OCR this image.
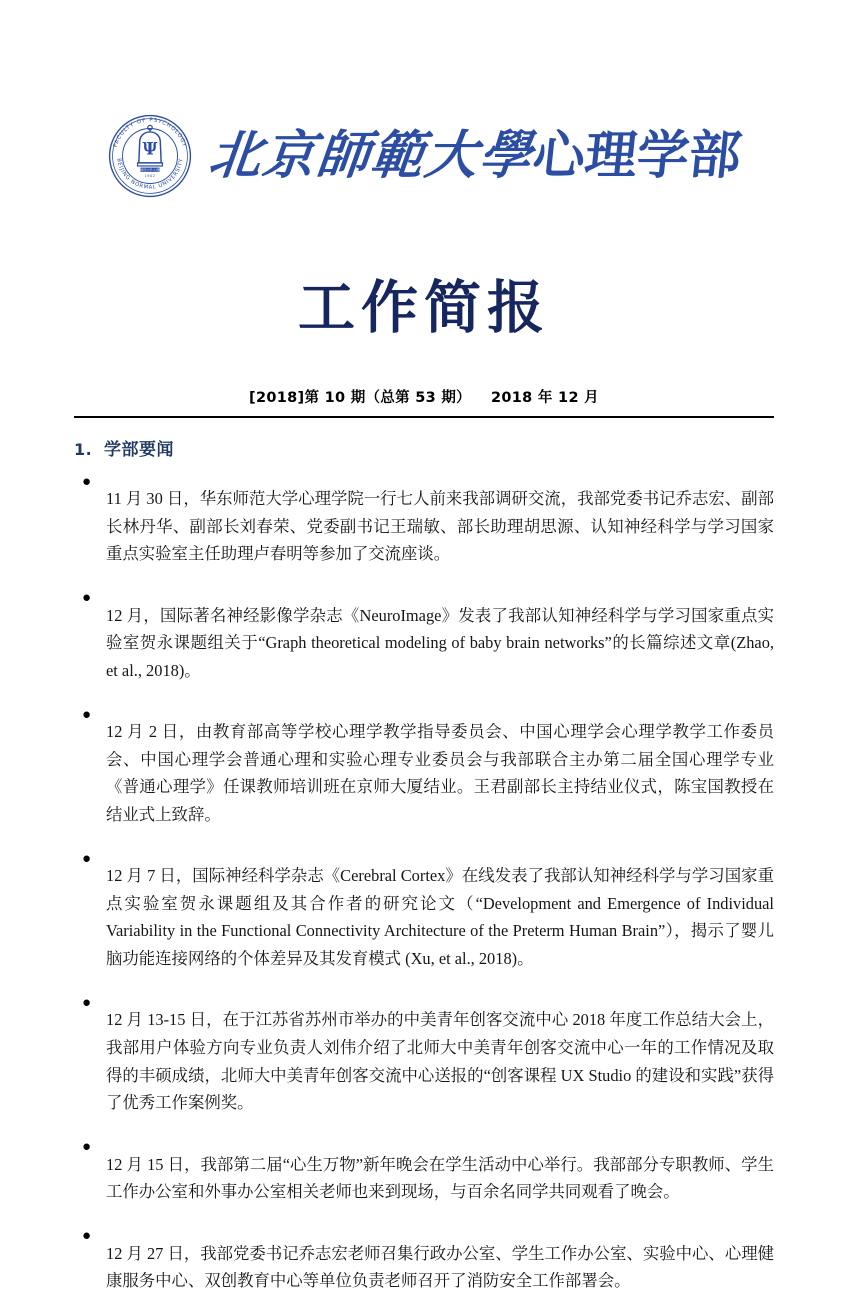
FACULTY OF PSYCHOLOGY
BEIJING NORMAL UNIVERSITY
Ψ
北京师范大学·心理学部
1902 北京師範大學心理学部
工作简报
[2018]第 10 期（总第 53 期） 2018 年 12 月
1. 学部要闻
●

11 月 30 日，华东师范大学心理学院一行七人前来我部调研交流，我部党委书记乔志宏、副部长林丹华、副部长刘春荣、党委副书记王瑞敏、部长助理胡思源、认知神经科学与学习国家重点实验室主任助理卢春明等参加了交流座谈。

●

12 月，国际著名神经影像学杂志《NeuroImage》发表了我部认知神经科学与学习国家重点实验室贺永课题组关于“Graph theoretical modeling of baby brain networks”的长篇综述文章(Zhao, et al., 2018)。

●

12 月 2 日，由教育部高等学校心理学教学指导委员会、中国心理学会心理学教学工作委员会、中国心理学会普通心理和实验心理专业委员会与我部联合主办第二届全国心理学专业《普通心理学》任课教师培训班在京师大厦结业。王君副部长主持结业仪式，陈宝国教授在结业式上致辞。

●

12 月 7 日，国际神经科学杂志《Cerebral Cortex》在线发表了我部认知神经科学与学习国家重点实验室贺永课题组及其合作者的研究论文（“Development and Emergence of Individual Variability in the Functional Connectivity Architecture of the Preterm Human Brain”），揭示了婴儿脑功能连接网络的个体差异及其发育模式 (Xu, et al., 2018)。

●

12 月 13-15 日，在于江苏省苏州市举办的中美青年创客交流中心 2018 年度工作总结大会上，我部用户体验方向专业负责人刘伟介绍了北师大中美青年创客交流中心一年的工作情况及取得的丰硕成绩，北师大中美青年创客交流中心送报的“创客课程 UX Studio 的建设和实践”获得了优秀工作案例奖。

●

12 月 15 日，我部第二届“心生万物”新年晚会在学生活动中心举行。我部部分专职教师、学生工作办公室和外事办公室相关老师也来到现场，与百余名同学共同观看了晚会。

●

12 月 27 日，我部党委书记乔志宏老师召集行政办公室、学生工作办公室、实验中心、心理健康服务中心、双创教育中心等单位负责老师召开了消防安全工作部署会。
